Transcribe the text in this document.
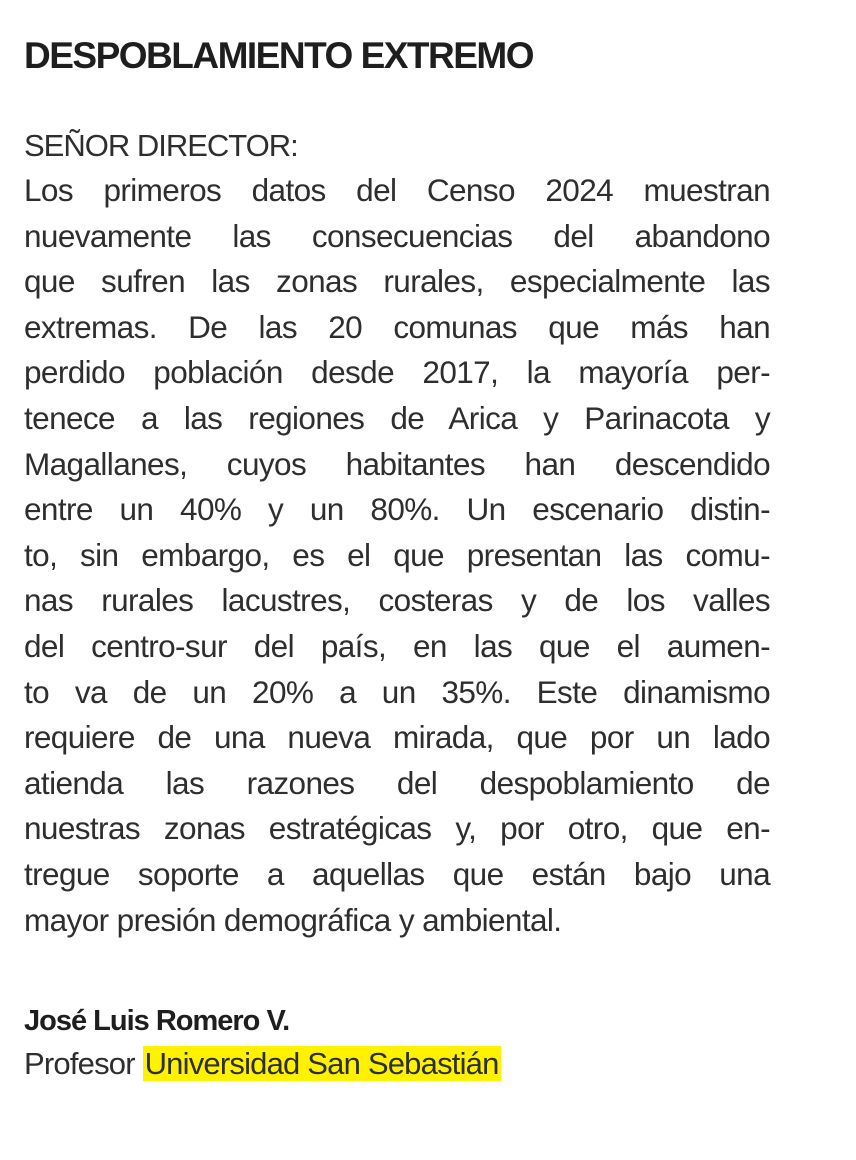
DESPOBLAMIENTO EXTREMO
SEÑOR DIRECTOR:
Los primeros datos del Censo 2024 muestran
nuevamente las consecuencias del abandono
que sufren las zonas rurales, especialmente las
extremas. De las 20 comunas que más han
perdido población desde 2017, la mayoría per-
tenece a las regiones de Arica y Parinacota y
Magallanes, cuyos habitantes han descendido
entre un 40% y un 80%. Un escenario distin-
to, sin embargo, es el que presentan las comu-
nas rurales lacustres, costeras y de los valles
del centro-sur del país, en las que el aumen-
to va de un 20% a un 35%. Este dinamismo
requiere de una nueva mirada, que por un lado
atienda las razones del despoblamiento de
nuestras zonas estratégicas y, por otro, que en-
tregue soporte a aquellas que están bajo una
mayor presión demográfica y ambiental.
José Luis Romero V.
Profesor Universidad San Sebastián
